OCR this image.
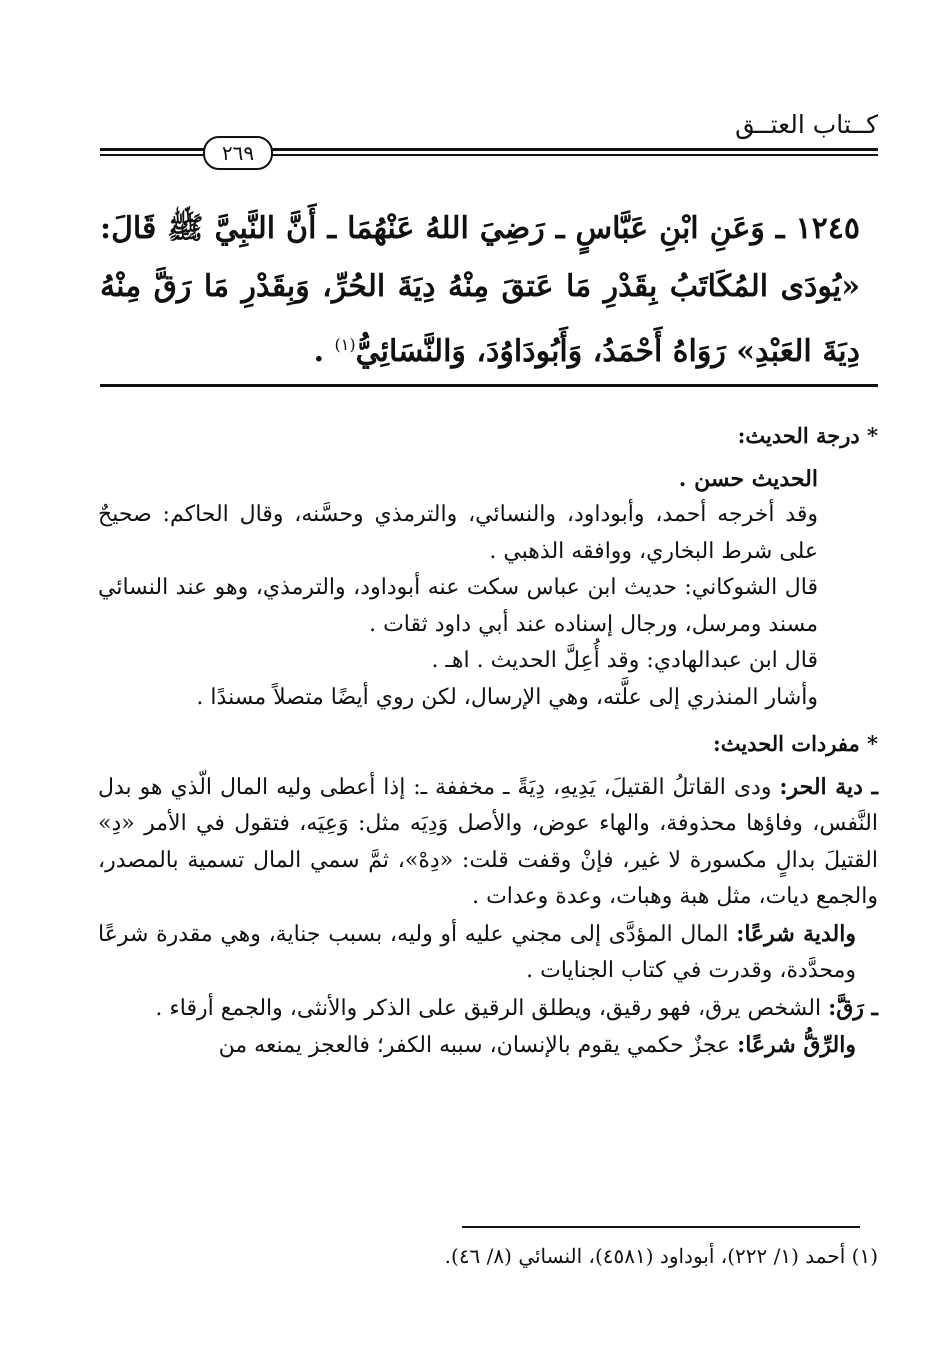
كــتاب العتــق
٢٦٩
١٢٤٥ ـ وَعَنِ ابْنِ عَبَّاسٍ ـ رَضِيَ اللهُ عَنْهُمَا ـ أَنَّ النَّبِيَّ ﷺ قَالَ: «يُودَى المُكَاتَبُ بِقَدْرِ مَا عَتقَ مِنْهُ دِيَةَ الحُرِّ، وَبِقَدْرِ مَا رَقَّ مِنْهُ دِيَةَ العَبْدِ» رَوَاهُ أَحْمَدُ، وَأَبُودَاوُدَ، وَالنَّسَائِيُّ$^{(١)}$ .

* درجة الحديث:

الحديث حسن .

وقد أخرجه أحمد، وأبوداود، والنسائي، والترمذي وحسَّنه، وقال الحاكم: صحيحٌ على شرط البخاري، ووافقه الذهبي .

قال الشوكاني: حديث ابن عباس سكت عنه أبوداود، والترمذي، وهو عند النسائي مسند ومرسل، ورجال إسناده عند أبي داود ثقات .

قال ابن عبدالهادي: وقد أُعِلَّ الحديث . اهـ .

وأشار المنذري إلى علَّته، وهي الإرسال، لكن روي أيضًا متصلاً مسندًا .

* مفردات الحديث:

ـ دية الحر: ودى القاتلُ القتيلَ، يَدِيهِ، دِيَةً ـ مخففة ـ: إذا أعطى وليه المال الّذي هو بدل النَّفس، وفاؤها محذوفة، والهاء عوض، والأصل وَدِيَه مثل: وَعِيَه، فتقول في الأمر «دِ» القتيلَ بدالٍ مكسورة لا غير، فإنْ وقفت قلت: «دِهْ»، ثمَّ سمي المال تسمية بالمصدر، والجمع ديات، مثل هبة وهبات، وعدة وعدات .

والدية شرعًا: المال المؤدَّى إلى مجني عليه أو وليه، بسبب جناية، وهي مقدرة شرعًا ومحدَّدة، وقدرت في كتاب الجنايات .

ـ رَقَّ: الشخص يرق، فهو رقيق، ويطلق الرقيق على الذكر والأنثى، والجمع أرقاء .

والرِّقُّ شرعًا: عجزٌ حكمي يقوم بالإنسان، سببه الكفر؛ فالعجز يمنعه من

(١) أحمد (١/ ٢٢٢)، أبوداود (٤٥٨١)، النسائي (٨/ ٤٦).
